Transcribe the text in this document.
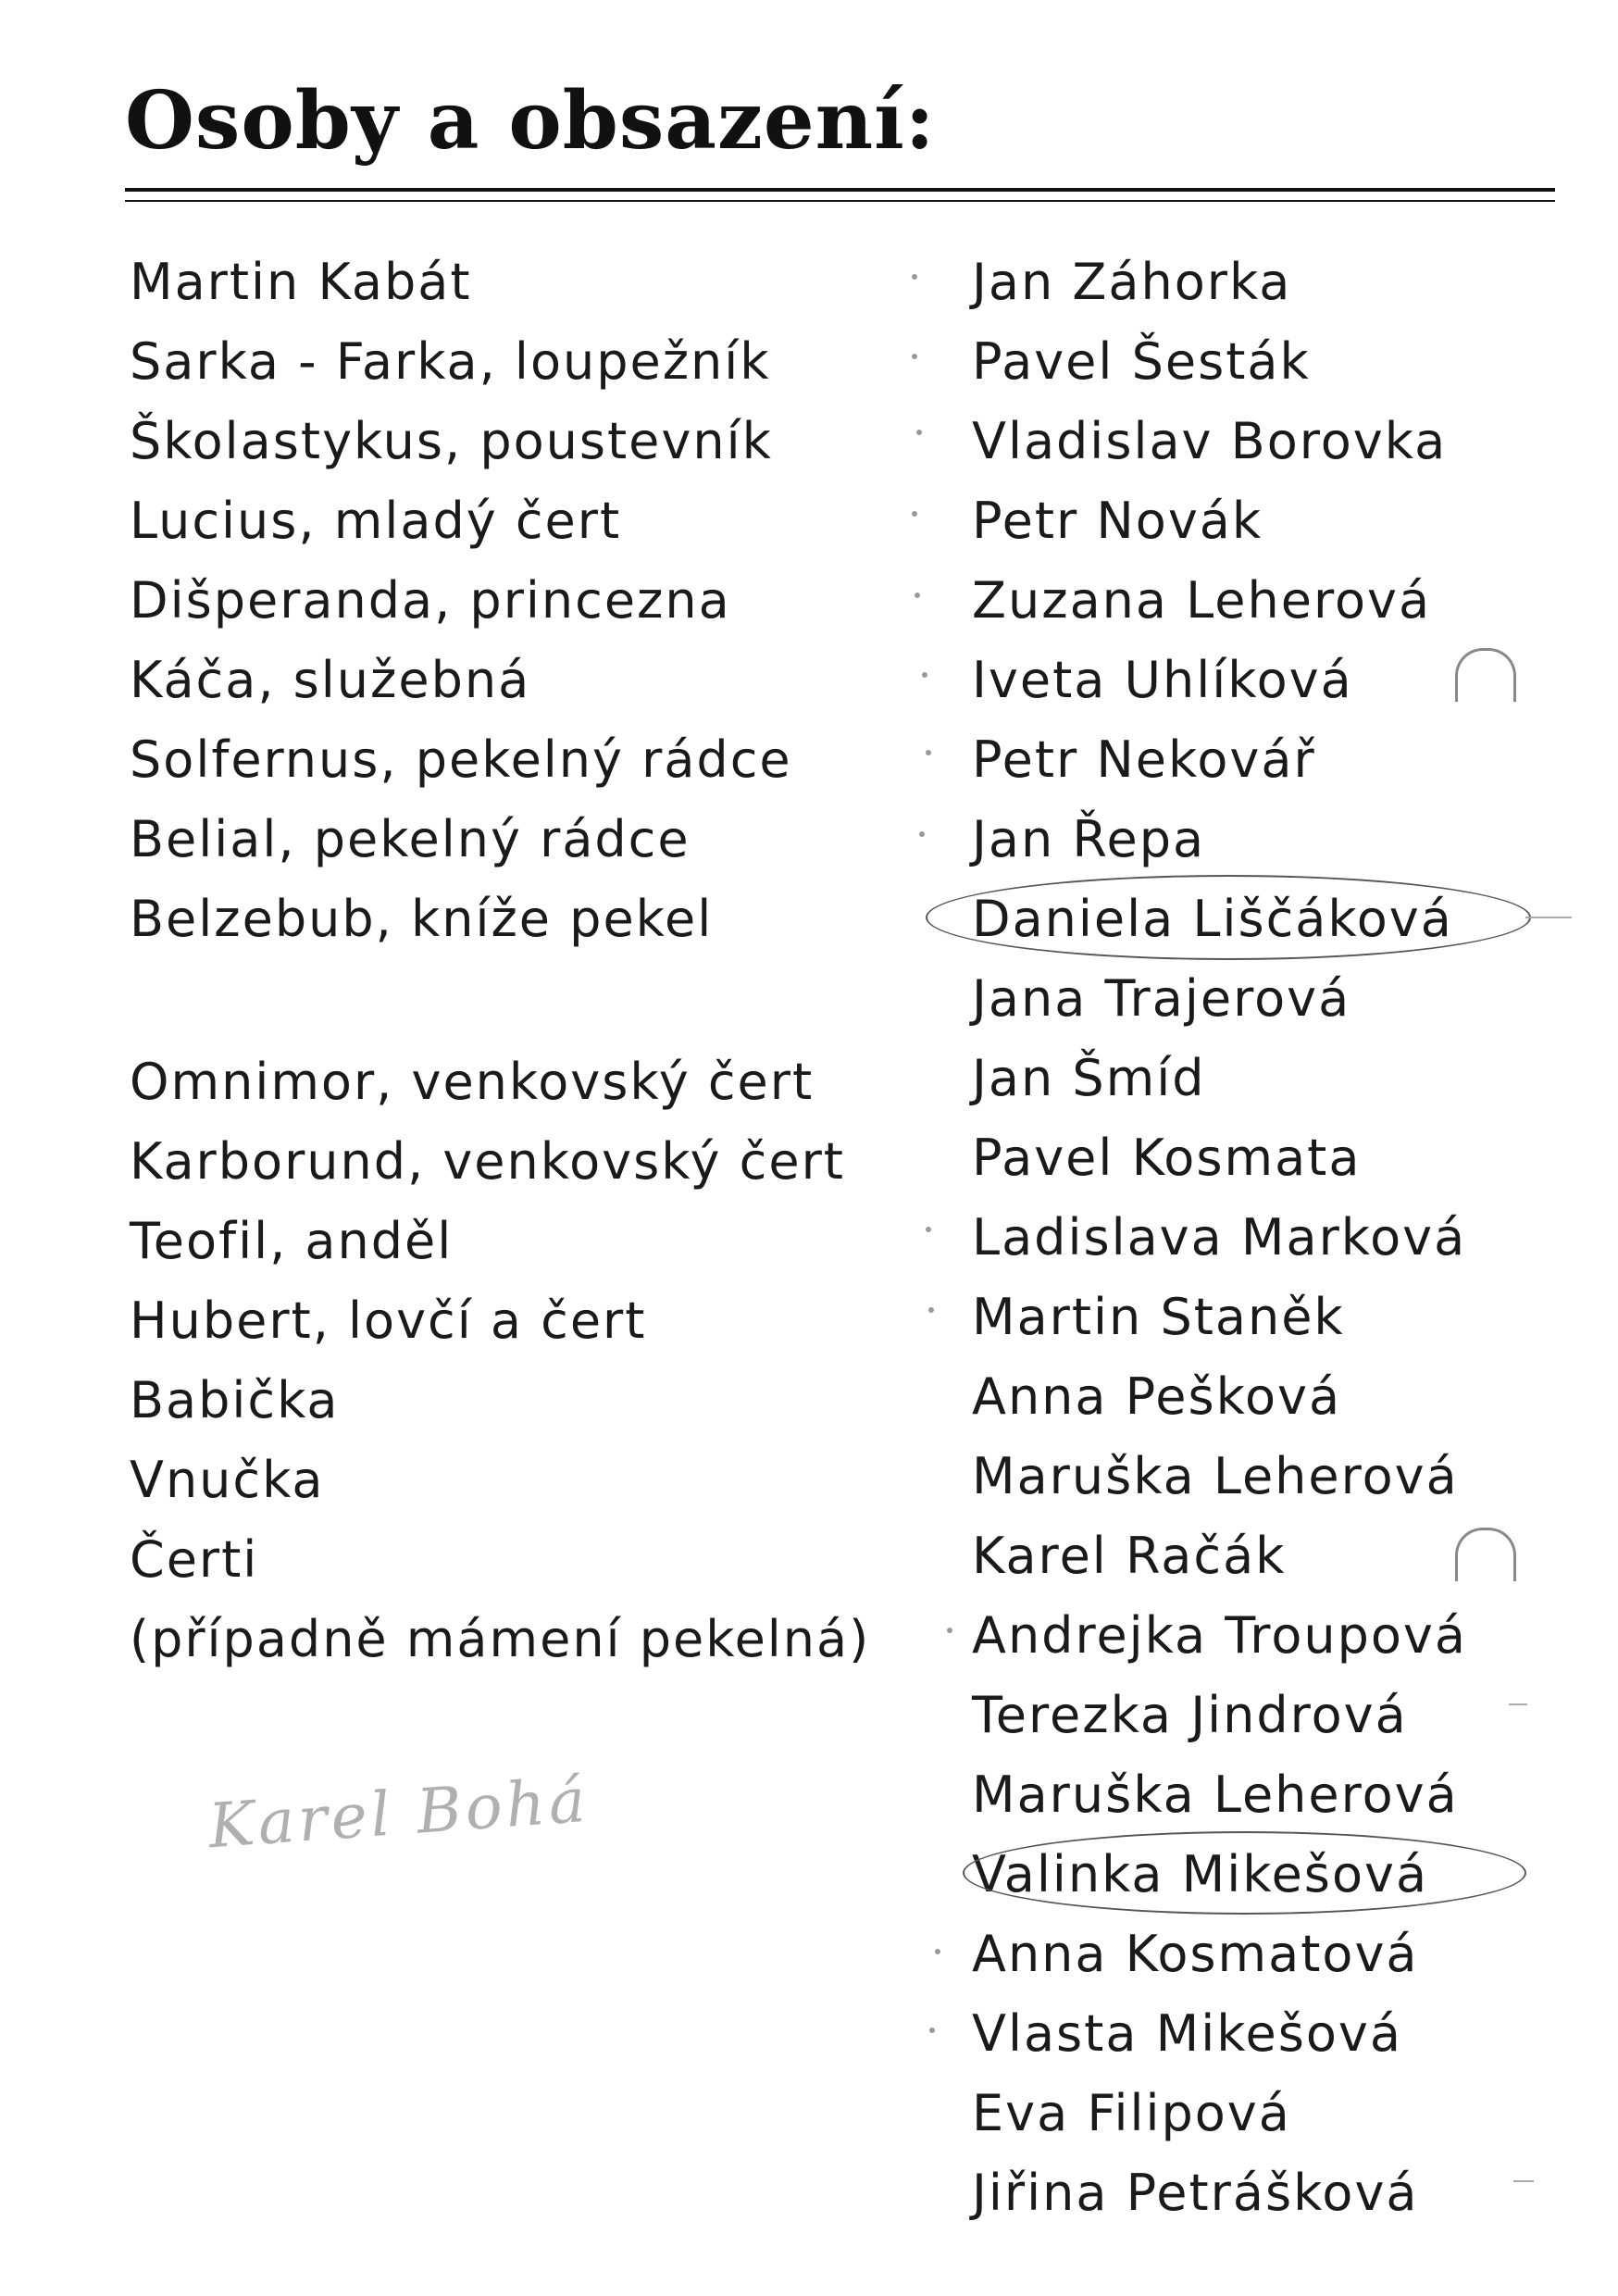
Osoby a obsazení:
Martin Kabát
Sarka - Farka, loupežník
Školastykus, poustevník
Lucius, mladý čert
Dišperanda, princezna
Káča, služebná
Solfernus, pekelný rádce
Belial, pekelný rádce
Belzebub, kníže pekel
Omnimor, venkovský čert
Karborund, venkovský čert
Teofil, anděl
Hubert, lovčí a čert
Babička
Vnučka
Čerti
(případně mámení pekelná)
Jan Záhorka
Pavel Šesták
Vladislav Borovka
Petr Novák
Zuzana Leherová
Iveta Uhlíková
Petr Nekovář
Jan Řepa
Daniela Liščáková
Jana Trajerová
Jan Šmíd
Pavel Kosmata
Ladislava Marková
Martin Staněk
Anna Pešková
Maruška Leherová
Karel Račák
Andrejka Troupová
Terezka Jindrová
Maruška Leherová
Valinka Mikešová
Anna Kosmatová
Vlasta Mikešová
Eva Filipová
Jiřina Petrášková
Karel Bohá
